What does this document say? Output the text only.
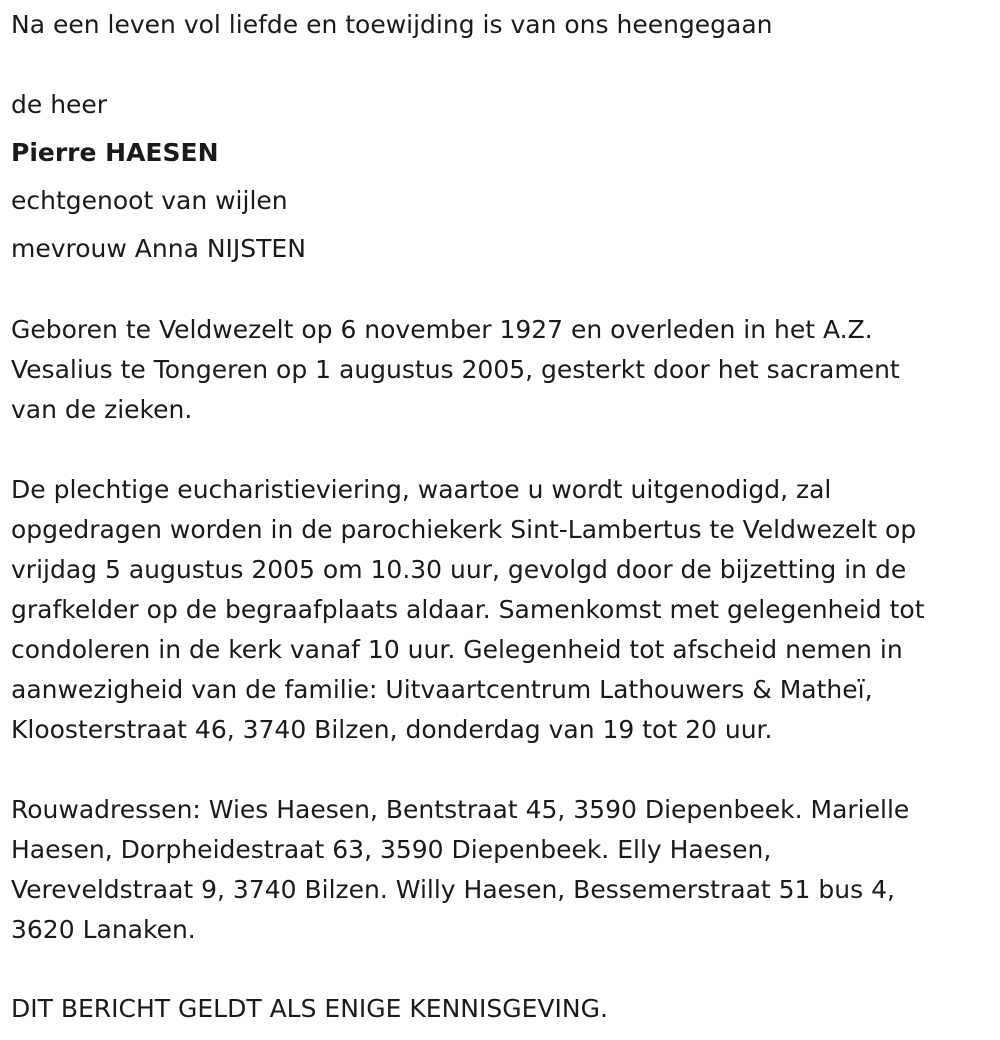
Na een leven vol liefde en toewijding is van ons heengegaan
de heer
Pierre HAESEN
echtgenoot van wijlen
mevrouw Anna NIJSTEN
Geboren te Veldwezelt op 6 november 1927 en overleden in het A.Z.
Vesalius te Tongeren op 1 augustus 2005, gesterkt door het sacrament
van de zieken.
De plechtige eucharistieviering, waartoe u wordt uitgenodigd, zal
opgedragen worden in de parochiekerk Sint-Lambertus te Veldwezelt op
vrijdag 5 augustus 2005 om 10.30 uur, gevolgd door de bijzetting in de
grafkelder op de begraafplaats aldaar. Samenkomst met gelegenheid tot
condoleren in de kerk vanaf 10 uur. Gelegenheid tot afscheid nemen in
aanwezigheid van de familie: Uitvaartcentrum Lathouwers & Matheï,
Kloosterstraat 46, 3740 Bilzen, donderdag van 19 tot 20 uur.
Rouwadressen: Wies Haesen, Bentstraat 45, 3590 Diepenbeek. Marielle
Haesen, Dorpheidestraat 63, 3590 Diepenbeek. Elly Haesen,
Vereveldstraat 9, 3740 Bilzen. Willy Haesen, Bessemerstraat 51 bus 4,
3620 Lanaken.
DIT BERICHT GELDT ALS ENIGE KENNISGEVING.
